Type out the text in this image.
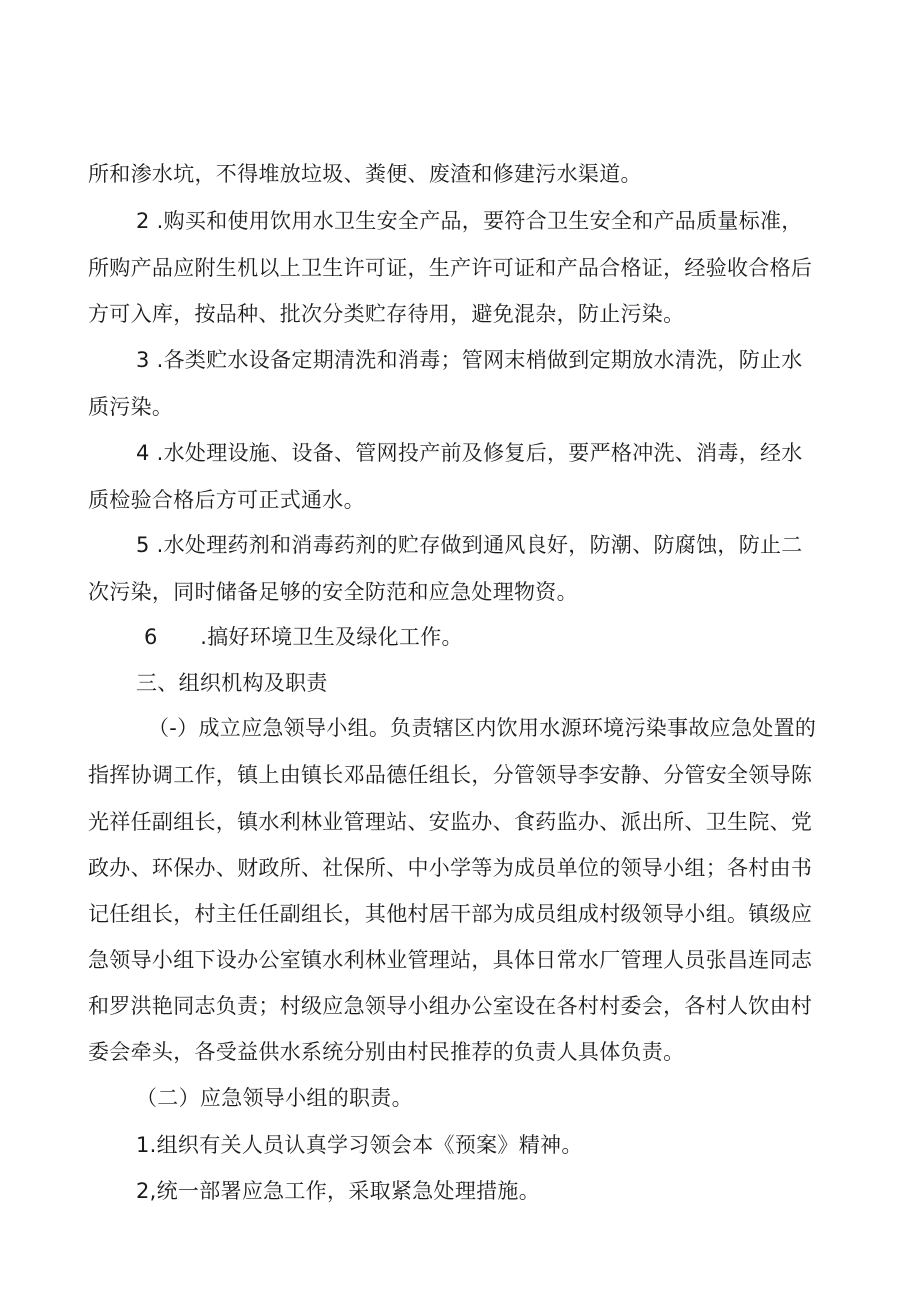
所和渗水坑，不得堆放垃圾、粪便、废渣和修建污水渠道。
2 .购买和使用饮用水卫生安全产品，要符合卫生安全和产品质量标准，
所购产品应附生机以上卫生许可证，生产许可证和产品合格证，经验收合格后
方可入库，按品种、批次分类贮存待用，避免混杂，防止污染。
3 .各类贮水设备定期清洗和消毒；管网末梢做到定期放水清洗，防止水
质污染。
4 .水处理设施、设备、管网投产前及修复后，要严格冲洗、消毒，经水
质检验合格后方可正式通水。
5 .水处理药剂和消毒药剂的贮存做到通风良好，防潮、防腐蚀，防止二
次污染，同时储备足够的安全防范和应急处理物资。
6　　.搞好环境卫生及绿化工作。
三、组织机构及职责
（-）成立应急领导小组。负责辖区内饮用水源环境污染事故应急处置的
指挥协调工作，镇上由镇长邓品德任组长，分管领导李安静、分管安全领导陈
光祥任副组长，镇水利林业管理站、安监办、食药监办、派出所、卫生院、党
政办、环保办、财政所、社保所、中小学等为成员单位的领导小组；各村由书
记任组长，村主任任副组长，其他村居干部为成员组成村级领导小组。镇级应
急领导小组下设办公室镇水利林业管理站，具体日常水厂管理人员张昌连同志
和罗洪艳同志负责；村级应急领导小组办公室设在各村村委会，各村人饮由村
委会牵头，各受益供水系统分别由村民推荐的负责人具体负责。
（二）应急领导小组的职责。
1.组织有关人员认真学习领会本《预案》精神。
2,统一部署应急工作，采取紧急处理措施。
